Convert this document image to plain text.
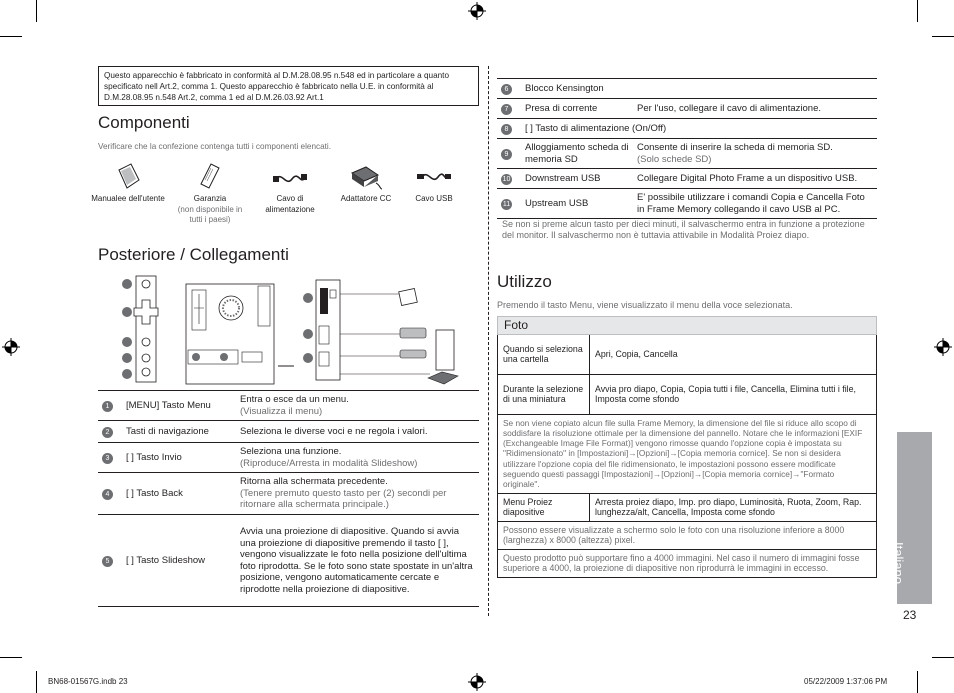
Questo apparecchio è fabbricato in conformità al D.M.28.08.95 n.548 ed in particolare a quanto specificato nell Art.2, comma 1. Questo apparecchio è fabbricato nella U.E. in conformità al D.M.28.08.95 n.548 Art.2, comma 1 ed al D.M.26.03.92 Art.1
Componenti
Verificare che la confezione contenga tutti i componenti elencati.
Manualee dell'utente	Garanzia
(non disponibile in tutti i paesi)
Cavo di alimentazione
Adattatore CC	Cavo USB
Posteriore / Collegamenti
1	[MENU] Tasto Menu	Entra o esce da un menu.
(Visualizza il menu)

2	Tasti di navigazione	Seleziona le diverse voci e ne regola i valori.

3	[ ] Tasto Invio	Seleziona una funzione.
(Riproduce/Arresta in modalità Slideshow)

4	[ ] Tasto Back	Ritorna alla schermata precedente.
(Tenere premuto questo tasto per (2) secondi per ritornare alla schermata principale.)

5	[ ] Tasto Slideshow	Avvia una proiezione di diapositive. Quando si avvia una proiezione di diapositive premendo il tasto [ ], vengono visualizzate le foto nella posizione dell'ultima foto riprodotta. Se le foto sono state spostate in un'altra posizione, vengono automaticamente cercate e riprodotte nella proiezione di diapositive.
6	Blocco Kensington	
7	Presa di corrente	Per l'uso, collegare il cavo di alimentazione.
8	[ ] Tasto di alimentazione (On/Off)	
9	Alloggiamento scheda di memoria SD	Consente di inserire la scheda di memoria SD.
(Solo schede SD)

10	Downstream USB	Collegare Digital Photo Frame a un dispositivo USB.
11	Upstream USB	E' possibile utilizzare i comandi Copia e Cancella Foto in Frame Memory collegando il cavo USB al PC.
Se non si preme alcun tasto per dieci minuti, il salvaschermo entra in funzione a protezione del monitor. Il salvaschermo non è tuttavia attivabile in Modalità Proiez diapo.
Utilizzo
Premendo il tasto Menu, viene visualizzato il menu della voce selezionata.
Foto	
Quando si seleziona una cartella	Apri, Copia, Cancella
Durante la selezione di una miniatura	Avvia pro diapo, Copia, Copia tutti i file, Cancella, Elimina tutti i file, Imposta come sfondo
Se non viene copiato alcun file sulla Frame Memory, la dimensione del file si riduce allo scopo di soddisfare la risoluzione ottimale per la dimensione del pannello. Notare che le informazioni [EXIF (Exchangeable Image File Format)] vengono rimosse quando l'opzione copia è impostata su "Ridimensionato" in [Impostazioni]→[Opzioni]→[Copia memoria cornice]. Se non si desidera utilizzare l'opzione copia del file ridimensionato, le impostazioni possono essere modificate seguendo questi passaggi [Impostazioni]→[Opzioni]→[Copia memoria cornice]→"Formato originale".	
Menu Proiez diapositive	Arresta proiez diapo, Imp. pro diapo, Luminosità, Ruota, Zoom, Rap. lunghezza/alt, Cancella, Imposta come sfondo
Possono essere visualizzate a schermo solo le foto con una risoluzione inferiore a 8000 (larghezza) x 8000 (altezza) pixel.	
Questo prodotto può supportare fino a 4000 immagini. Nel caso il numero di immagini fosse superiore a 4000, la proiezione di diapositive non riprodurrà le immagini in eccesso.		Italiano
23
BN68-01567G.indb 23	05/22/2009 1:37:06 PM
